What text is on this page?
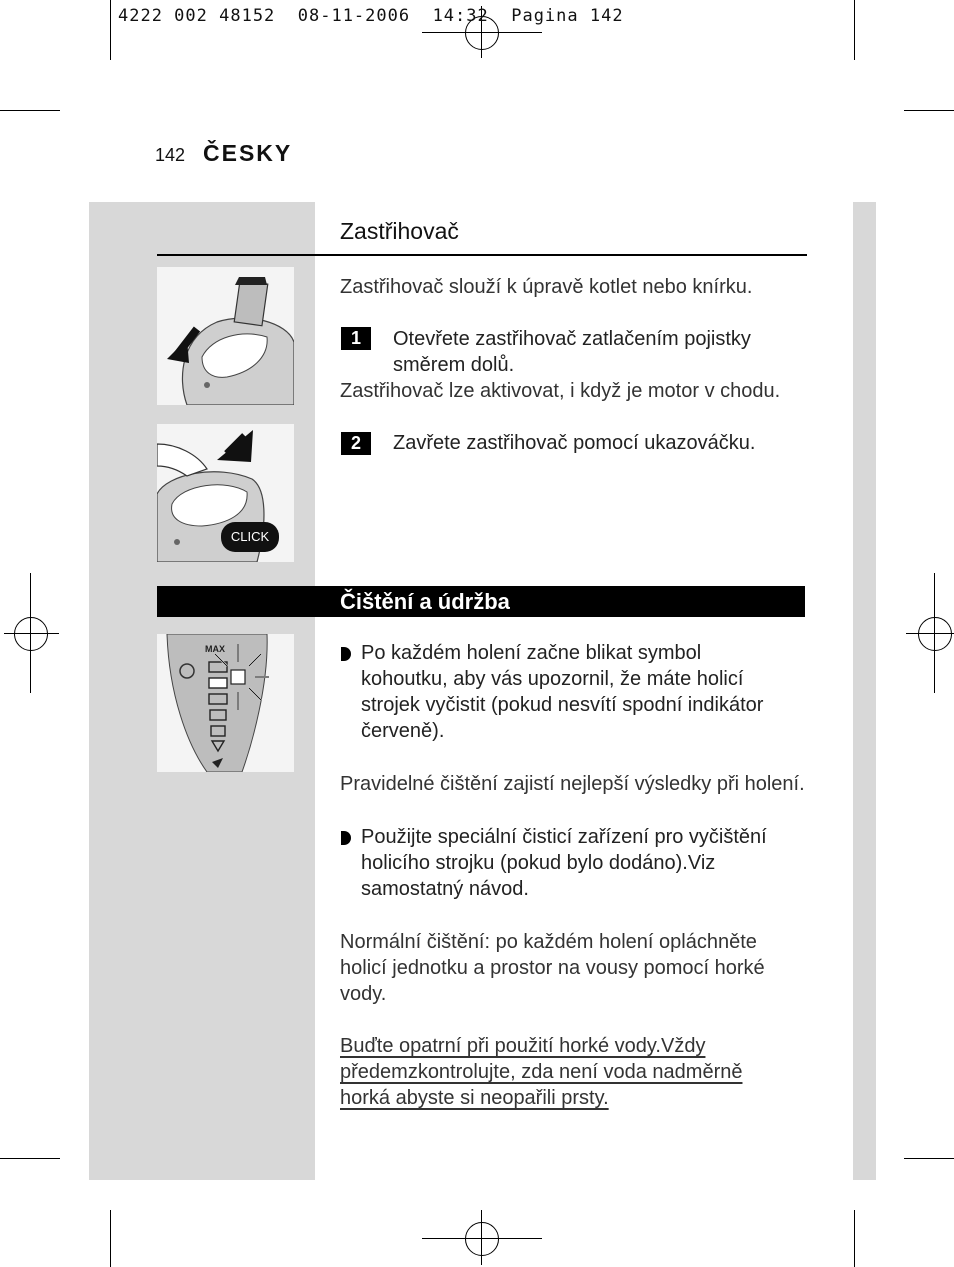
4222 002 48152  08-11-2006  14:32  Pagina 142
142 ČESKY
Zastřihovač
CLICK
Zastřihovač slouží k úpravě kotlet nebo knírku.
1	Otevřete zastřihovač zatlačením pojistky
směrem dolů.
Zastřihovač lze aktivovat, i když je motor v chodu.
2	Zavřete zastřihovač pomocí ukazováčku.
Čištění a údržba
MAX	Po každém holení začne blikat symbol
kohoutku, aby vás upozornil, že máte holicí
strojek vyčistit (pokud nesvítí spodní indikátor
červeně).
Pravidelné čištění zajistí nejlepší výsledky při holení.
Použijte speciální čisticí zařízení pro vyčištění
holicího strojku (pokud bylo dodáno).Viz
samostatný návod.
Normální čištění: po každém holení opláchněte
holicí jednotku a prostor na vousy pomocí horké
vody.
Buďte opatrní při použití horké vody.Vždy
předemzkontrolujte, zda není voda nadměrně
horká abyste si neopařili prsty.
